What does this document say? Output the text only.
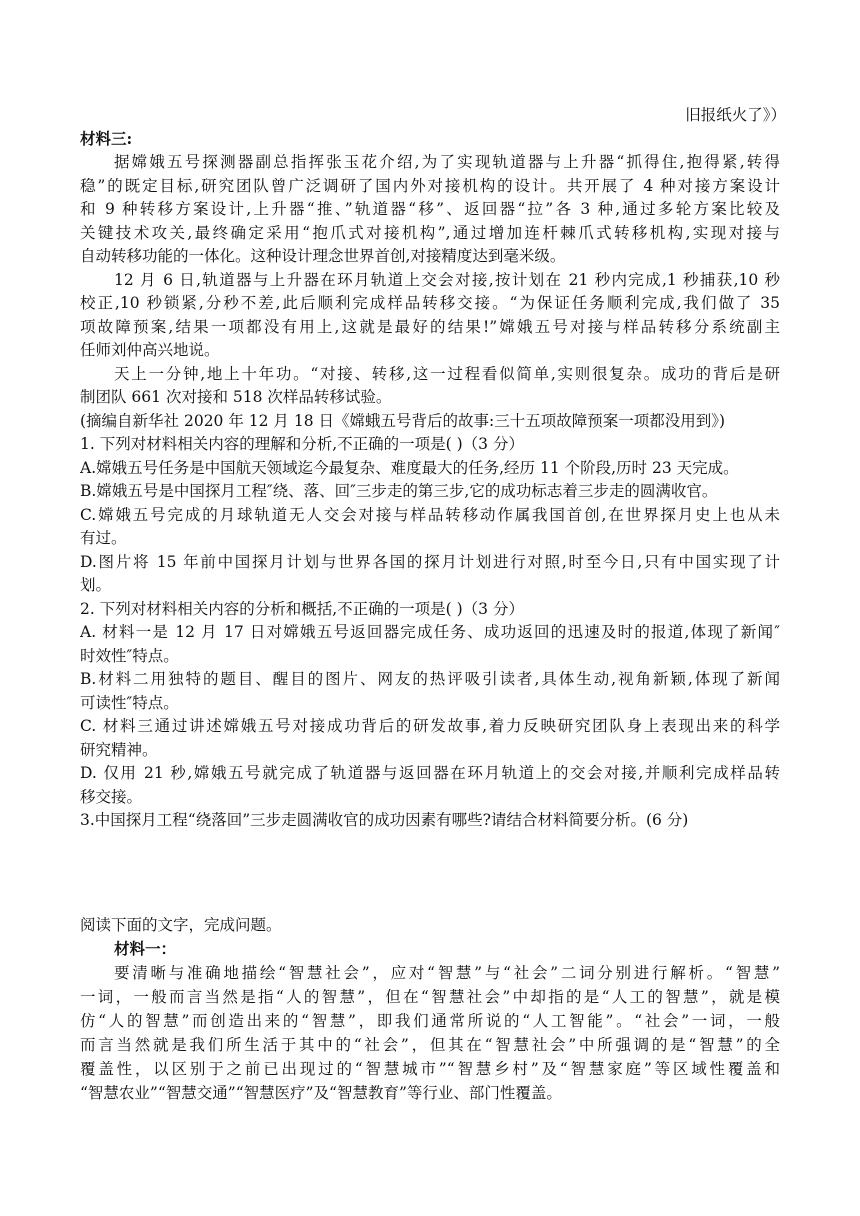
旧报纸火了》）
材料三:
据嫦娥五号探测器副总指挥张玉花介绍,为了实现轨道器与上升器“抓得住,抱得紧,转得
稳”的既定目标,研究团队曾广泛调研了国内外对接机构的设计。共开展了 4 种对接方案设计
和 9 种转移方案设计,上升器“推、”轨道器“移”、返回器“拉”各 3 种,通过多轮方案比较及
关键技术攻关,最终确定采用“抱爪式对接机构”,通过增加连杆棘爪式转移机构,实现对接与
自动转移功能的一体化。这种设计理念世界首创,对接精度达到毫米级。
12 月 6 日,轨道器与上升器在环月轨道上交会对接,按计划在 21 秒内完成,1 秒捕获,10 秒
校正,10 秒锁紧,分秒不差,此后顺利完成样品转移交接。“为保证任务顺利完成,我们做了 35
项故障预案,结果一项都没有用上,这就是最好的结果!”嫦娥五号对接与样品转移分系统副主
任师刘仲高兴地说。
天上一分钟,地上十年功。“对接、转移,这一过程看似简单,实则很复杂。成功的背后是研
制团队 661 次对接和 518 次样品转移试验。
(摘编自新华社 2020 年 12 月 18 日《嫦蛾五号背后的故事:三十五项故障预案一项都没用到》)
1. 下列对材料相关内容的理解和分析,不正确的一项是( )（3 分）
A.嫦娥五号任务是中国航天领域迄今最复杂、难度最大的任务,经历 11 个阶段,历时 23 天完成。
B.嫦娥五号是中国探月工程″绕、落、回″三步走的第三步,它的成功标志着三步走的圆满收官。
C.嫦娥五号完成的月球轨道无人交会对接与样品转移动作属我国首创,在世界探月史上也从未
有过。
D.图片将 15 年前中国探月计划与世界各国的探月计划进行对照,时至今日,只有中国实现了计
划。
2. 下列对材料相关内容的分析和概括,不正确的一项是( )（3 分）
A. 材料一是 12 月 17 日对嫦娥五号返回器完成任务、成功返回的迅速及时的报道,体现了新闻″
时效性″特点。
B.材料二用独特的题目、醒目的图片、网友的热评吸引读者,具体生动,视角新颖,体现了新闻
可读性″特点。
C. 材料三通过讲述嫦娥五号对接成功背后的研发故事,着力反映研究团队身上表现出来的科学
研究精神。
D. 仅用 21 秒,嫦娥五号就完成了轨道器与返回器在环月轨道上的交会对接,并顺利完成样品转
移交接。
3.中国探月工程“绕落回”三步走圆满收官的成功因素有哪些?请结合材料简要分析。(6 分)
阅读下面的文字，完成问题。
材料一：
要清晰与准确地描绘“智慧社会”，应对“智慧”与“社会”二词分别进行解析。“智慧”
一词，一般而言当然是指“人的智慧”，但在“智慧社会”中却指的是“人工的智慧”，就是模
仿“人的智慧”而创造出来的“智慧”，即我们通常所说的“人工智能”。“社会”一词，一般
而言当然就是我们所生活于其中的“社会”，但其在“智慧社会”中所强调的是“智慧”的全
覆盖性，以区别于之前已出现过的“智慧城市”“智慧乡村”及“智慧家庭”等区域性覆盖和
“智慧农业”“智慧交通”“智慧医疗”及“智慧教育”等行业、部门性覆盖。
